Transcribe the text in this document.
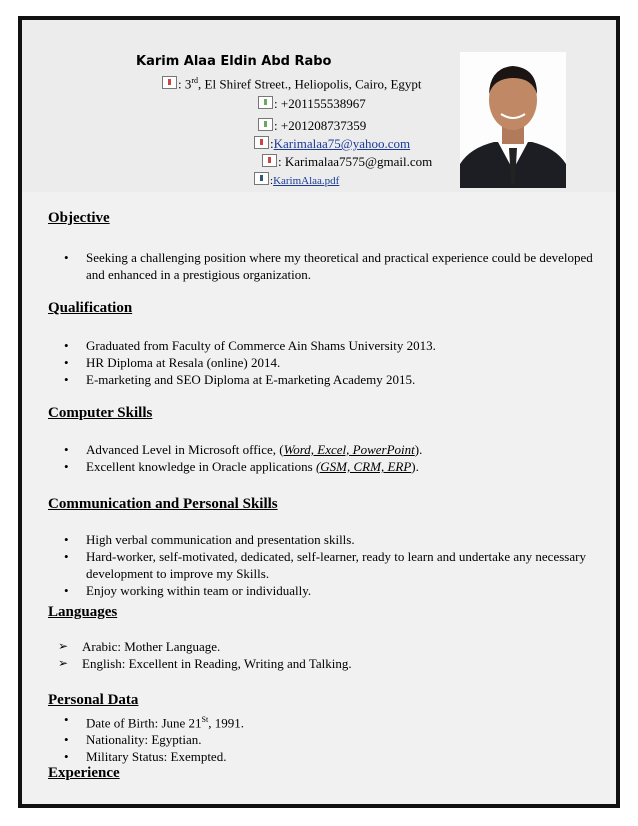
Karim Alaa Eldin Abd Rabo
: 3rd, El Shiref Street., Heliopolis, Cairo, Egypt
: +201155538967
: +201208737359
:Karimalaa75@yahoo.com
: Karimalaa7575@gmail.com
:KarimAlaa.pdf
Objective
• Seeking a challenging position where my theoretical and practical experience could be developed and enhanced in a prestigious organization.
Qualification
• Graduated from Faculty of Commerce Ain Shams University 2013.
• HR Diploma at Resala (online) 2014.
• E-marketing and SEO Diploma at E-marketing Academy 2015.
Computer Skills
• Advanced Level in Microsoft office, (Word, Excel, PowerPoint).
• Excellent knowledge in Oracle applications (GSM, CRM, ERP).
Communication and Personal Skills
• High verbal communication and presentation skills.
• Hard-worker, self-motivated, dedicated, self-learner, ready to learn and undertake any necessary development to improve my Skills.
• Enjoy working within team or individually.
Languages
➢ Arabic: Mother Language.
➢ English: Excellent in Reading, Writing and Talking.
Personal Data
• Date of Birth: June 21St, 1991.
• Nationality: Egyptian.
• Military Status: Exempted.
Experience
